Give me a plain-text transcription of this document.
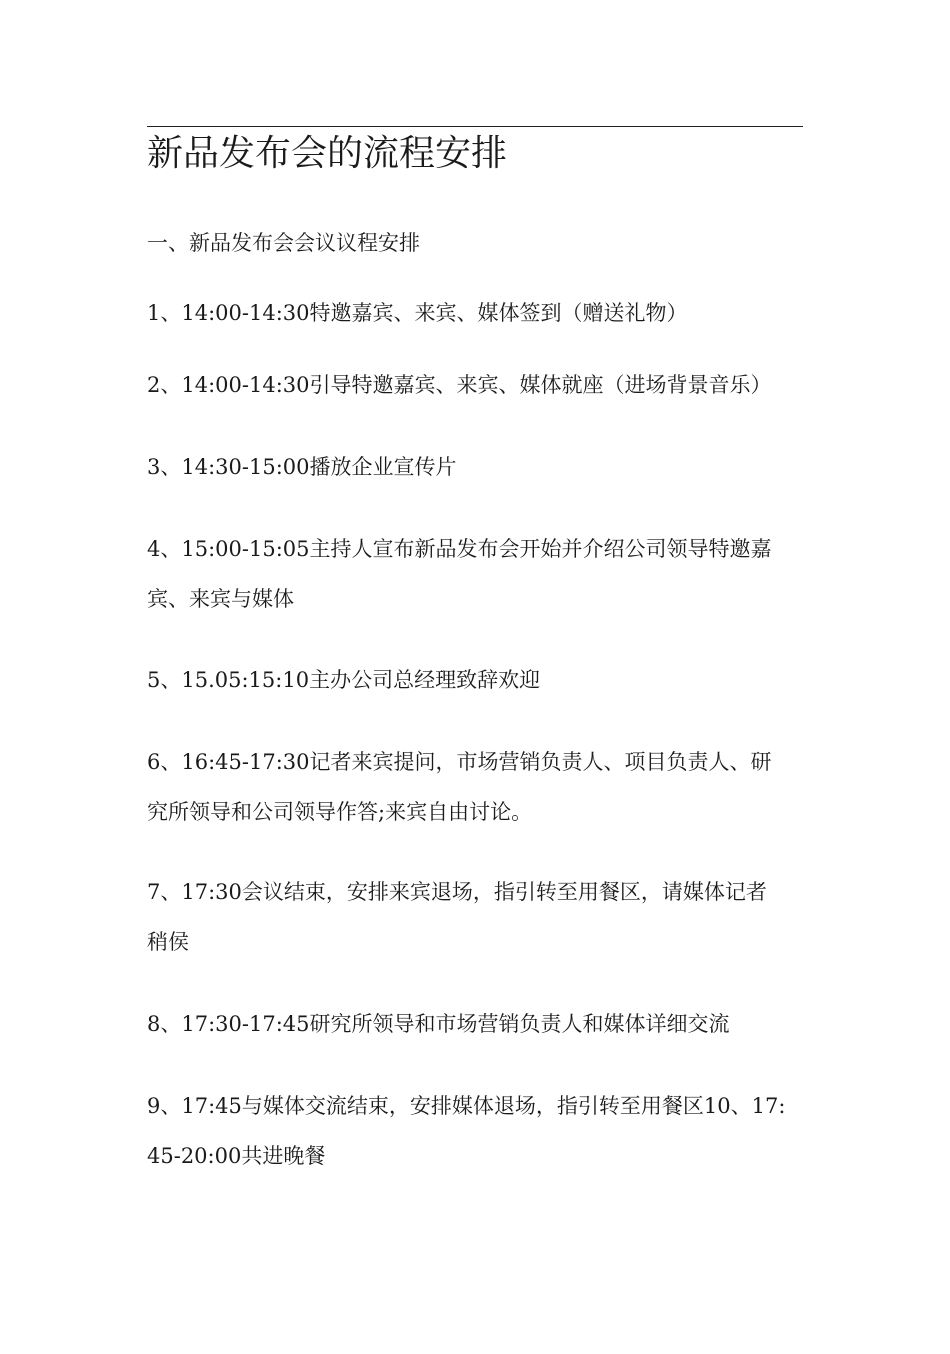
新品发布会的流程安排
一、新品发布会会议议程安排
1、14:00-14:30特邀嘉宾、来宾、媒体签到（赠送礼物）
2、14:00-14:30引导特邀嘉宾、来宾、媒体就座（进场背景音乐）
3、14:30-15:00播放企业宣传片
4、15:00-15:05主持人宣布新品发布会开始并介绍公司领导特邀嘉
宾、来宾与媒体
5、15.05:15:10主办公司总经理致辞欢迎
6、16:45-17:30记者来宾提问，市场营销负责人、项目负责人、研
究所领导和公司领导作答;来宾自由讨论。
7、17:30会议结束，安排来宾退场，指引转至用餐区，请媒体记者
稍侯
8、17:30-17:45研究所领导和市场营销负责人和媒体详细交流
9、17:45与媒体交流结束，安排媒体退场，指引转至用餐区10、17:
45-20:00共进晚餐
